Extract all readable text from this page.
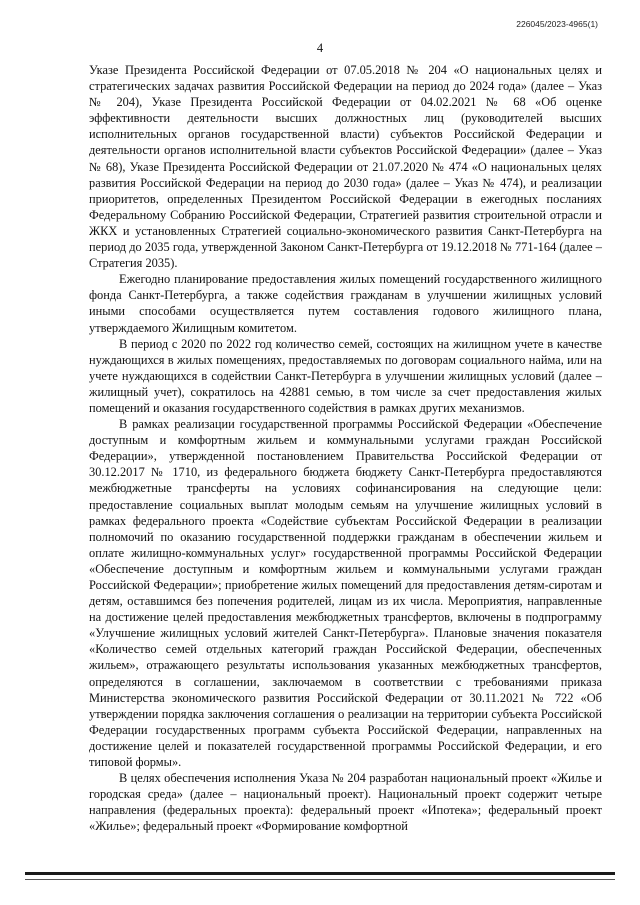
226045/2023-4965(1)
4

Указе Президента Российской Федерации от 07.05.2018 № 204 «О национальных целях и стратегических задачах развития Российской Федерации на период до 2024 года» (далее – Указ № 204), Указе Президента Российской Федерации от 04.02.2021 № 68 «Об оценке эффективности деятельности высших должностных лиц (руководителей высших исполнительных органов государственной власти) субъектов Российской Федерации и деятельности органов исполнительной власти субъектов Российской Федерации» (далее – Указ № 68), Указе Президента Российской Федерации от 21.07.2020 № 474 «О национальных целях развития Российской Федерации на период до 2030 года» (далее – Указ № 474), и реализации приоритетов, определенных Президентом Российской Федерации в ежегодных посланиях Федеральному Собранию Российской Федерации, Стратегией развития строительной отрасли и ЖКХ и установленных Стратегией социально-экономического развития Санкт-Петербурга на период до 2035 года, утвержденной Законом Санкт-Петербурга от 19.12.2018 № 771-164 (далее – Стратегия 2035).

Ежегодно планирование предоставления жилых помещений государственного жилищного фонда Санкт-Петербурга, а также содействия гражданам в улучшении жилищных условий иными способами осуществляется путем составления годового жилищного плана, утверждаемого Жилищным комитетом.

В период с 2020 по 2022 год количество семей, состоящих на жилищном учете в качестве нуждающихся в жилых помещениях, предоставляемых по договорам социального найма, или на учете нуждающихся в содействии Санкт-Петербурга в улучшении жилищных условий (далее – жилищный учет), сократилось на 42881 семью, в том числе за счет предоставления жилых помещений и оказания государственного содействия в рамках других механизмов.

В рамках реализации государственной программы Российской Федерации «Обеспечение доступным и комфортным жильем и коммунальными услугами граждан Российской Федерации», утвержденной постановлением Правительства Российской Федерации от 30.12.2017 № 1710, из федерального бюджета бюджету Санкт-Петербурга предоставляются межбюджетные трансферты на условиях софинансирования на следующие цели: предоставление социальных выплат молодым семьям на улучшение жилищных условий в рамках федерального проекта «Содействие субъектам Российской Федерации в реализации полномочий по оказанию государственной поддержки гражданам в обеспечении жильем и оплате жилищно-коммунальных услуг» государственной программы Российской Федерации «Обеспечение доступным и комфортным жильем и коммунальными услугами граждан Российской Федерации»; приобретение жилых помещений для предоставления детям-сиротам и детям, оставшимся без попечения родителей, лицам из их числа. Мероприятия, направленные на достижение целей предоставления межбюджетных трансфертов, включены в подпрограмму «Улучшение жилищных условий жителей Санкт-Петербурга». Плановые значения показателя «Количество семей отдельных категорий граждан Российской Федерации, обеспеченных жильем», отражающего результаты использования указанных межбюджетных трансфертов, определяются в соглашении, заключаемом в соответствии с требованиями приказа Министерства экономического развития Российской Федерации от 30.11.2021 № 722 «Об утверждении порядка заключения соглашения о реализации на территории субъекта Российской Федерации государственных программ субъекта Российской Федерации, направленных на достижение целей и показателей государственной программы Российской Федерации, и его типовой формы».

В целях обеспечения исполнения Указа № 204 разработан национальный проект «Жилье и городская среда» (далее – национальный проект). Национальный проект содержит четыре направления (федеральных проекта): федеральный проект «Ипотека»; федеральный проект «Жилье»; федеральный проект «Формирование комфортной
